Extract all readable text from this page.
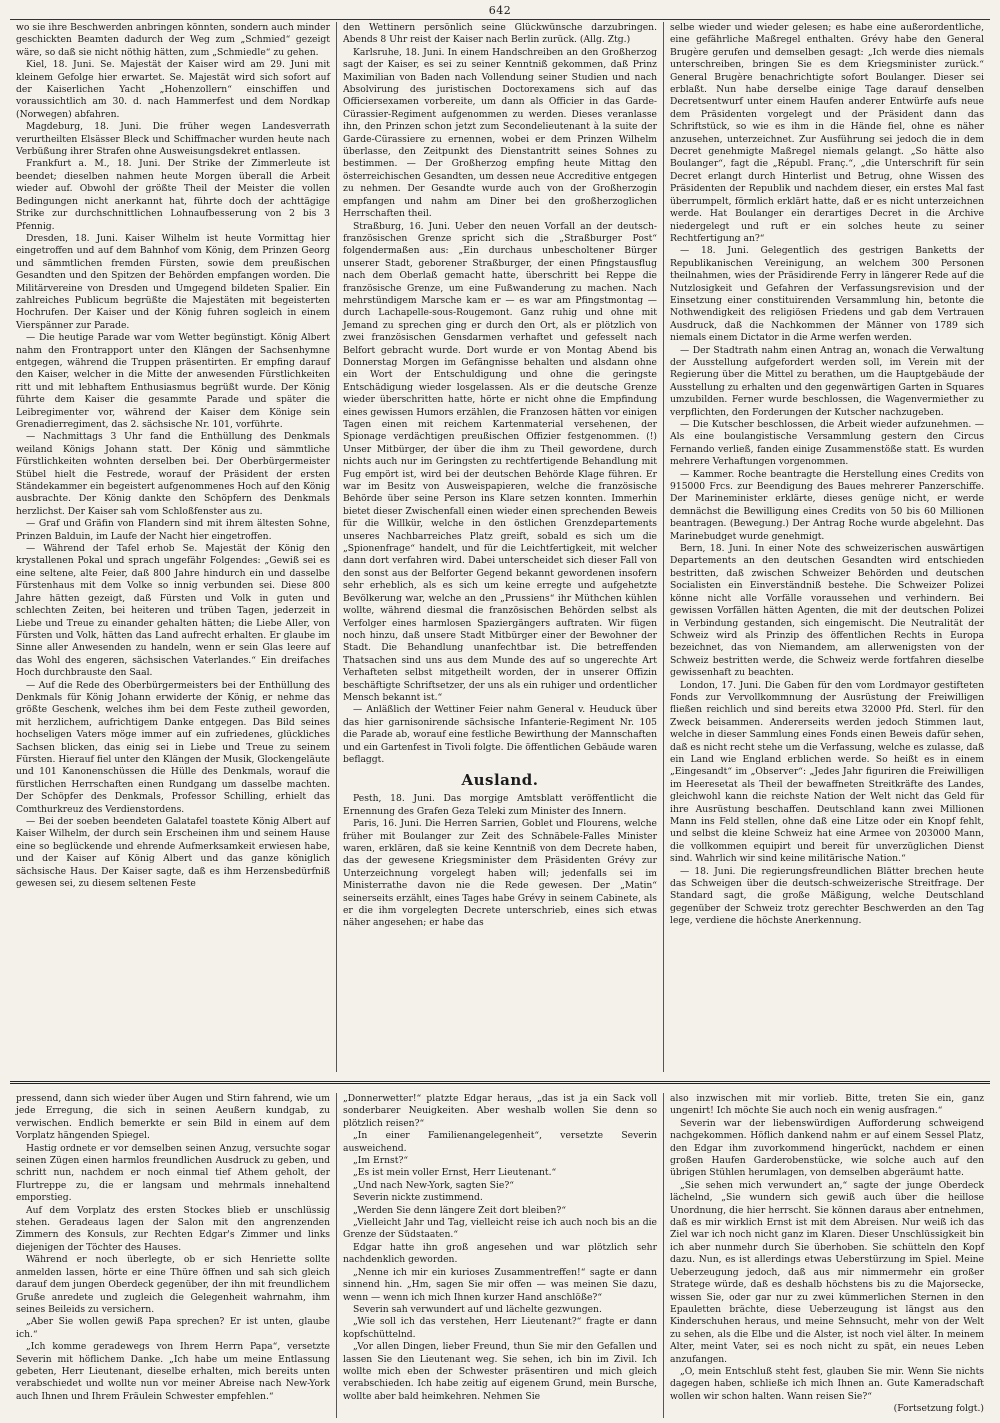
642

wo sie ihre Beschwerden anbringen könnten, sondern auch minder geschickten Beamten dadurch der Weg zum „Schmied“ gezeigt wäre, so daß sie nicht nöthig hätten, zum „Schmiedle“ zu gehen.

Kiel, 18. Juni. Se. Majestät der Kaiser wird am 29. Juni mit kleinem Gefolge hier erwartet. Se. Majestät wird sich sofort auf der Kaiserlichen Yacht „Hohenzollern“ einschiffen und voraussichtlich am 30. d. nach Hammerfest und dem Nordkap (Norwegen) abfahren.

Magdeburg, 18. Juni. Die früher wegen Landesverrath verurtheilten Elsässer Bleck und Schiffmacher wurden heute nach Verbüßung ihrer Strafen ohne Ausweisungsdekret entlassen.

Frankfurt a. M., 18. Juni. Der Strike der Zimmerleute ist beendet; dieselben nahmen heute Morgen überall die Arbeit wieder auf. Obwohl der größte Theil der Meister die vollen Bedingungen nicht anerkannt hat, führte doch der achttägige Strike zur durchschnittlichen Lohnaufbesserung von 2 bis 3 Pfennig.

Dresden, 18. Juni. Kaiser Wilhelm ist heute Vormittag hier eingetroffen und auf dem Bahnhof vom König, dem Prinzen Georg und sämmtlichen fremden Fürsten, sowie dem preußischen Gesandten und den Spitzen der Behörden empfangen worden. Die Militärvereine von Dresden und Umgegend bildeten Spalier. Ein zahlreiches Publicum begrüßte die Majestäten mit begeisterten Hochrufen. Der Kaiser und der König fuhren sogleich in einem Vierspänner zur Parade.

— Die heutige Parade war vom Wetter begünstigt. König Albert nahm den Frontrapport unter den Klängen der Sachsenhymne entgegen, während die Truppen präsentirten. Er empfing darauf den Kaiser, welcher in die Mitte der anwesenden Fürstlichkeiten ritt und mit lebhaftem Enthusiasmus begrüßt wurde. Der König führte dem Kaiser die gesammte Parade und später die Leibregimenter vor, während der Kaiser dem Könige sein Grenadierregiment, das 2. sächsische Nr. 101, vorführte.

— Nachmittags 3 Uhr fand die Enthüllung des Denkmals weiland Königs Johann statt. Der König und sämmtliche Fürstlichkeiten wohnten derselben bei. Der Oberbürgermeister Stübel hielt die Festrede, worauf der Präsident der ersten Ständekammer ein begeistert aufgenommenes Hoch auf den König ausbrachte. Der König dankte den Schöpfern des Denkmals herzlichst. Der Kaiser sah vom Schloßfenster aus zu.

— Graf und Gräfin von Flandern sind mit ihrem ältesten Sohne, Prinzen Balduin, im Laufe der Nacht hier eingetroffen.

— Während der Tafel erhob Se. Majestät der König den krystallenen Pokal und sprach ungefähr Folgendes: „Gewiß sei es eine seltene, alte Feier, daß 800 Jahre hindurch ein und dasselbe Fürstenhaus mit dem Volke so innig verbunden sei. Diese 800 Jahre hätten gezeigt, daß Fürsten und Volk in guten und schlechten Zeiten, bei heiteren und trüben Tagen, jederzeit in Liebe und Treue zu einander gehalten hätten; die Liebe Aller, von Fürsten und Volk, hätten das Land aufrecht erhalten. Er glaube im Sinne aller Anwesenden zu handeln, wenn er sein Glas leere auf das Wohl des engeren, sächsischen Vaterlandes.“ Ein dreifaches Hoch durchbrauste den Saal.

— Auf die Rede des Oberbürgermeisters bei der Enthüllung des Denkmals für König Johann erwiderte der König, er nehme das größte Geschenk, welches ihm bei dem Feste zutheil geworden, mit herzlichem, aufrichtigem Danke entgegen. Das Bild seines hochseligen Vaters möge immer auf ein zufriedenes, glückliches Sachsen blicken, das einig sei in Liebe und Treue zu seinem Fürsten. Hierauf fiel unter den Klängen der Musik, Glockengeläute und 101 Kanonenschüssen die Hülle des Denkmals, worauf die fürstlichen Herrschaften einen Rundgang um dasselbe machten. Der Schöpfer des Denkmals, Professor Schilling, erhielt das Comthurkreuz des Verdienstordens.

— Bei der soeben beendeten Galatafel toastete König Albert auf Kaiser Wilhelm, der durch sein Erscheinen ihm und seinem Hause eine so beglückende und ehrende Aufmerksamkeit erwiesen habe, und der Kaiser auf König Albert und das ganze königlich sächsische Haus. Der Kaiser sagte, daß es ihm Herzensbedürfniß gewesen sei, zu diesem seltenen Feste

den Wettinern persönlich seine Glückwünsche darzubringen. Abends 8 Uhr reist der Kaiser nach Berlin zurück. (Allg. Ztg.)

Karlsruhe, 18. Juni. In einem Handschreiben an den Großherzog sagt der Kaiser, es sei zu seiner Kenntniß gekommen, daß Prinz Maximilian von Baden nach Vollendung seiner Studien und nach Absolvirung des juristischen Doctorexamens sich auf das Officiersexamen vorbereite, um dann als Officier in das Garde-Cürassier-Regiment aufgenommen zu werden. Dieses veranlasse ihn, den Prinzen schon jetzt zum Secondelieutenant à la suite der Garde-Cürassiere zu ernennen, wobei er dem Prinzen Wilhelm überlasse, den Zeitpunkt des Dienstantritt seines Sohnes zu bestimmen. — Der Großherzog empfing heute Mittag den österreichischen Gesandten, um dessen neue Accreditive entgegen zu nehmen. Der Gesandte wurde auch von der Großherzogin empfangen und nahm am Diner bei den großherzoglichen Herrschaften theil.

Straßburg, 16. Juni. Ueber den neuen Vorfall an der deutsch-französischen Grenze spricht sich die „Straßburger Post“ folgendermaßen aus: „Ein durchaus unbescholtener Bürger unserer Stadt, geborener Straßburger, der einen Pfingstausflug nach dem Oberlaß gemacht hatte, überschritt bei Reppe die französische Grenze, um eine Fußwanderung zu machen. Nach mehrstündigem Marsche kam er — es war am Pfingstmontag — durch Lachapelle-sous-Rougemont. Ganz ruhig und ohne mit Jemand zu sprechen ging er durch den Ort, als er plötzlich von zwei französischen Gensdarmen verhaftet und gefesselt nach Belfort gebracht wurde. Dort wurde er von Montag Abend bis Donnerstag Morgen im Gefängnisse behalten und alsdann ohne ein Wort der Entschuldigung und ohne die geringste Entschädigung wieder losgelassen. Als er die deutsche Grenze wieder überschritten hatte, hörte er nicht ohne die Empfindung eines gewissen Humors erzählen, die Franzosen hätten vor einigen Tagen einen mit reichem Kartenmaterial versehenen, der Spionage verdächtigen preußischen Offizier festgenommen. (!) Unser Mitbürger, der über die ihm zu Theil gewordene, durch nichts auch nur im Geringsten zu rechtfertigende Behandlung mit Fug empört ist, wird bei der deutschen Behörde Klage führen. Er war im Besitz von Ausweispapieren, welche die französische Behörde über seine Person ins Klare setzen konnten. Immerhin bietet dieser Zwischenfall einen wieder einen sprechenden Beweis für die Willkür, welche in den östlichen Grenzdepartements unseres Nachbarreiches Platz greift, sobald es sich um die „Spionenfrage“ handelt, und für die Leichtfertigkeit, mit welcher dann dort verfahren wird. Dabei unterscheidet sich dieser Fall von den sonst aus der Belforter Gegend bekannt gewordenen insofern sehr erheblich, als es sich um keine erregte und aufgehetzte Bevölkerung war, welche an den „Prussiens“ ihr Müthchen kühlen wollte, während diesmal die französischen Behörden selbst als Verfolger eines harmlosen Spaziergängers auftraten. Wir fügen noch hinzu, daß unsere Stadt Mitbürger einer der Bewohner der Stadt. Die Behandlung unanfechtbar ist. Die betreffenden Thatsachen sind uns aus dem Munde des auf so ungerechte Art Verhafteten selbst mitgetheilt worden, der in unserer Offizin beschäftigte Schriftsetzer, der uns als ein ruhiger und ordentlicher Mensch bekannt ist.“

— Anläßlich der Wettiner Feier nahm General v. Heuduck über das hier garnisonirende sächsische Infanterie-Regiment Nr. 105 die Parade ab, worauf eine festliche Bewirthung der Mannschaften und ein Gartenfest in Tivoli folgte. Die öffentlichen Gebäude waren beflaggt.

Ausland.

Pesth, 18. Juni. Das morgige Amtsblatt veröffentlicht die Ernennung des Grafen Geza Teleki zum Minister des Innern.

Paris, 16. Juni. Die Herren Sarrien, Goblet und Flourens, welche früher mit Boulanger zur Zeit des Schnäbele-Falles Minister waren, erklären, daß sie keine Kenntniß von dem Decrete haben, das der gewesene Kriegsminister dem Präsidenten Grévy zur Unterzeichnung vorgelegt haben will; jedenfalls sei im Ministerrathe davon nie die Rede gewesen. Der „Matin“ seinerseits erzählt, eines Tages habe Grévy in seinem Cabinete, als er die ihm vorgelegten Decrete unterschrieb, eines sich etwas näher angesehen; er habe das

selbe wieder und wieder gelesen; es habe eine außerordentliche, eine gefährliche Maßregel enthalten. Grévy habe den General Brugère gerufen und demselben gesagt: „Ich werde dies niemals unterschreiben, bringen Sie es dem Kriegsminister zurück.“ General Brugère benachrichtigte sofort Boulanger. Dieser sei erblaßt. Nun habe derselbe einige Tage darauf denselben Decretsentwurf unter einem Haufen anderer Entwürfe aufs neue dem Präsidenten vorgelegt und der Präsident dann das Schriftstück, so wie es ihm in die Hände fiel, ohne es näher anzusehen, unterzeichnet. Zur Ausführung sei jedoch die in dem Decret genehmigte Maßregel niemals gelangt. „So hätte also Boulanger“, fagt die „Républ. Franç.“, „die Unterschrift für sein Decret erlangt durch Hinterlist und Betrug, ohne Wissen des Präsidenten der Republik und nachdem dieser, ein erstes Mal fast überrumpelt, förmlich erklärt hatte, daß er es nicht unterzeichnen werde. Hat Boulanger ein derartiges Decret in die Archive niedergelegt und ruft er ein solches heute zu seiner Rechtfertigung an?“

— 18. Juni. Gelegentlich des gestrigen Banketts der Republikanischen Vereinigung, an welchem 300 Personen theilnahmen, wies der Präsidirende Ferry in längerer Rede auf die Nutzlosigkeit und Gefahren der Verfassungsrevision und der Einsetzung einer constituirenden Versammlung hin, betonte die Nothwendigkeit des religiösen Friedens und gab dem Vertrauen Ausdruck, daß die Nachkommen der Männer von 1789 sich niemals einem Dictator in die Arme werfen werden.

— Der Stadtrath nahm einen Antrag an, wonach die Verwaltung der Ausstellung aufgefordert werden soll, im Verein mit der Regierung über die Mittel zu berathen, um die Hauptgebäude der Ausstellung zu erhalten und den gegenwärtigen Garten in Squares umzubilden. Ferner wurde beschlossen, die Wagenvermiether zu verpflichten, den Forderungen der Kutscher nachzugeben.

— Die Kutscher beschlossen, die Arbeit wieder aufzunehmen. — Als eine boulangistische Versammlung gestern den Circus Fernando verließ, fanden einige Zusammenstöße statt. Es wurden mehrere Verhaftungen vorgenommen.

— Kammer. Roche beantragte die Herstellung eines Credits von 915000 Frcs. zur Beendigung des Baues mehrerer Panzerschiffe. Der Marineminister erklärte, dieses genüge nicht, er werde demnächst die Bewilligung eines Credits von 50 bis 60 Millionen beantragen. (Bewegung.) Der Antrag Roche wurde abgelehnt. Das Marinebudget wurde genehmigt.

Bern, 18. Juni. In einer Note des schweizerischen auswärtigen Departements an den deutschen Gesandten wird entschieden bestritten, daß zwischen Schweizer Behörden und deutschen Socialisten ein Einverständniß bestehe. Die Schweizer Polizei könne nicht alle Vorfälle voraussehen und verhindern. Bei gewissen Vorfällen hätten Agenten, die mit der deutschen Polizei in Verbindung gestanden, sich eingemischt. Die Neutralität der Schweiz wird als Prinzip des öffentlichen Rechts in Europa bezeichnet, das von Niemandem, am allerwenigsten von der Schweiz bestritten werde, die Schweiz werde fortfahren dieselbe gewissenhaft zu beachten.

London, 17. Juni. Die Gaben für den vom Lordmayor gestifteten Fonds zur Vervollkommnung der Ausrüstung der Freiwilligen fließen reichlich und sind bereits etwa 32000 Pfd. Sterl. für den Zweck beisammen. Andererseits werden jedoch Stimmen laut, welche in dieser Sammlung eines Fonds einen Beweis dafür sehen, daß es nicht recht stehe um die Verfassung, welche es zulasse, daß ein Land wie England erblichen werde. So heißt es in einem „Eingesandt“ im „Observer“: „Jedes Jahr figuriren die Freiwilligen im Heeresetat als Theil der bewaffneten Streitkräfte des Landes, gleichwohl kann die reichste Nation der Welt nicht das Geld für ihre Ausrüstung beschaffen. Deutschland kann zwei Millionen Mann ins Feld stellen, ohne daß eine Litze oder ein Knopf fehlt, und selbst die kleine Schweiz hat eine Armee von 203000 Mann, die vollkommen equipirt und bereit für unverzüglichen Dienst sind. Wahrlich wir sind keine militärische Nation.“

— 18. Juni. Die regierungsfreundlichen Blätter brechen heute das Schweigen über die deutsch-schweizerische Streitfrage. Der Standard sagt, die große Mäßigung, welche Deutschland gegenüber der Schweiz trotz gerechter Beschwerden an den Tag lege, verdiene die höchste Anerkennung.

pressend, dann sich wieder über Augen und Stirn fahrend, wie um jede Erregung, die sich in seinen Aeußern kundgab, zu verwischen. Endlich bemerkte er sein Bild in einem auf dem Vorplatz hängenden Spiegel.

Hastig ordnete er vor demselben seinen Anzug, versuchte sogar seinen Zügen einen harmlos freundlichen Ausdruck zu geben, und schritt nun, nachdem er noch einmal tief Athem geholt, der Flurtreppe zu, die er langsam und mehrmals innehaltend emporstieg.

Auf dem Vorplatz des ersten Stockes blieb er unschlüssig stehen. Geradeaus lagen der Salon mit den angrenzenden Zimmern des Konsuls, zur Rechten Edgar's Zimmer und links diejenigen der Töchter des Hauses.

Während er noch überlegte, ob er sich Henriette sollte anmelden lassen, hörte er eine Thüre öffnen und sah sich gleich darauf dem jungen Oberdeck gegenüber, der ihn mit freundlichem Gruße anredete und zugleich die Gelegenheit wahrnahm, ihm seines Beileids zu versichern.

„Aber Sie wollen gewiß Papa sprechen? Er ist unten, glaube ich.“

„Ich komme geradewegs von Ihrem Herrn Papa“, versetzte Severin mit höflichem Danke. „Ich habe um meine Entlassung gebeten, Herr Lieutenant, dieselbe erhalten, mich bereits unten verabschiedet und wollte nun vor meiner Abreise nach New-York auch Ihnen und Ihrem Fräulein Schwester empfehlen.“

„Donnerwetter!“ platzte Edgar heraus, „das ist ja ein Sack voll sonderbarer Neuigkeiten. Aber weshalb wollen Sie denn so plötzlich reisen?“

„In einer Familienangelegenheit“, versetzte Severin ausweichend.

„Im Ernst?“

„Es ist mein voller Ernst, Herr Lieutenant.“

„Und nach New-York, sagten Sie?“

Severin nickte zustimmend.

„Werden Sie denn längere Zeit dort bleiben?“

„Vielleicht Jahr und Tag, vielleicht reise ich auch noch bis an die Grenze der Südstaaten.“

Edgar hatte ihn groß angesehen und war plötzlich sehr nachdenklich geworden.

„Nenne ich mir ein kurioses Zusammentreffen!“ sagte er dann sinnend hin. „Hm, sagen Sie mir offen — was meinen Sie dazu, wenn — wenn ich mich Ihnen kurzer Hand anschlöße?“

Severin sah verwundert auf und lächelte gezwungen.

„Wie soll ich das verstehen, Herr Lieutenant?“ fragte er dann kopfschüttelnd.

„Vor allen Dingen, lieber Freund, thun Sie mir den Gefallen und lassen Sie den Lieutenant weg. Sie sehen, ich bin im Zivil. Ich wollte mich eben der Schwester präsentiren und mich gleich verabschieden. Ich habe zeitig auf eigenem Grund, mein Bursche, wollte aber bald heimkehren. Nehmen Sie

also inzwischen mit mir vorlieb. Bitte, treten Sie ein, ganz ungenirt! Ich möchte Sie auch noch ein wenig ausfragen.“

Severin war der liebenswürdigen Aufforderung schweigend nachgekommen. Höflich dankend nahm er auf einem Sessel Platz, den Edgar ihm zuvorkommend hingerückt, nachdem er einen großen Haufen Garderobenstücke, wie solche auch auf den übrigen Stühlen herumlagen, von demselben abgeräumt hatte.

„Sie sehen mich verwundert an,“ sagte der junge Oberdeck lächelnd, „Sie wundern sich gewiß auch über die heillose Unordnung, die hier herrscht. Sie können daraus aber entnehmen, daß es mir wirklich Ernst ist mit dem Abreisen. Nur weiß ich das Ziel war ich noch nicht ganz im Klaren. Dieser Unschlüssigkeit bin ich aber nunmehr durch Sie überhoben. Sie schütteln den Kopf dazu. Nun, es ist allerdings etwas Ueberstürzung im Spiel. Meine Ueberzeugung jedoch, daß aus mir nimmermehr ein großer Stratege würde, daß es deshalb höchstens bis zu die Majorsecke, wissen Sie, oder gar nur zu zwei kümmerlichen Sternen in den Epauletten brächte, diese Ueberzeugung ist längst aus den Kinderschuhen heraus, und meine Sehnsucht, mehr von der Welt zu sehen, als die Elbe und die Alster, ist noch viel älter. In meinem Alter, meint Vater, sei es noch nicht zu spät, ein neues Leben anzufangen.

„O, mein Entschluß steht fest, glauben Sie mir. Wenn Sie nichts dagegen haben, schließe ich mich Ihnen an. Gute Kameradschaft wollen wir schon halten. Wann reisen Sie?“

(Fortsetzung folgt.)
